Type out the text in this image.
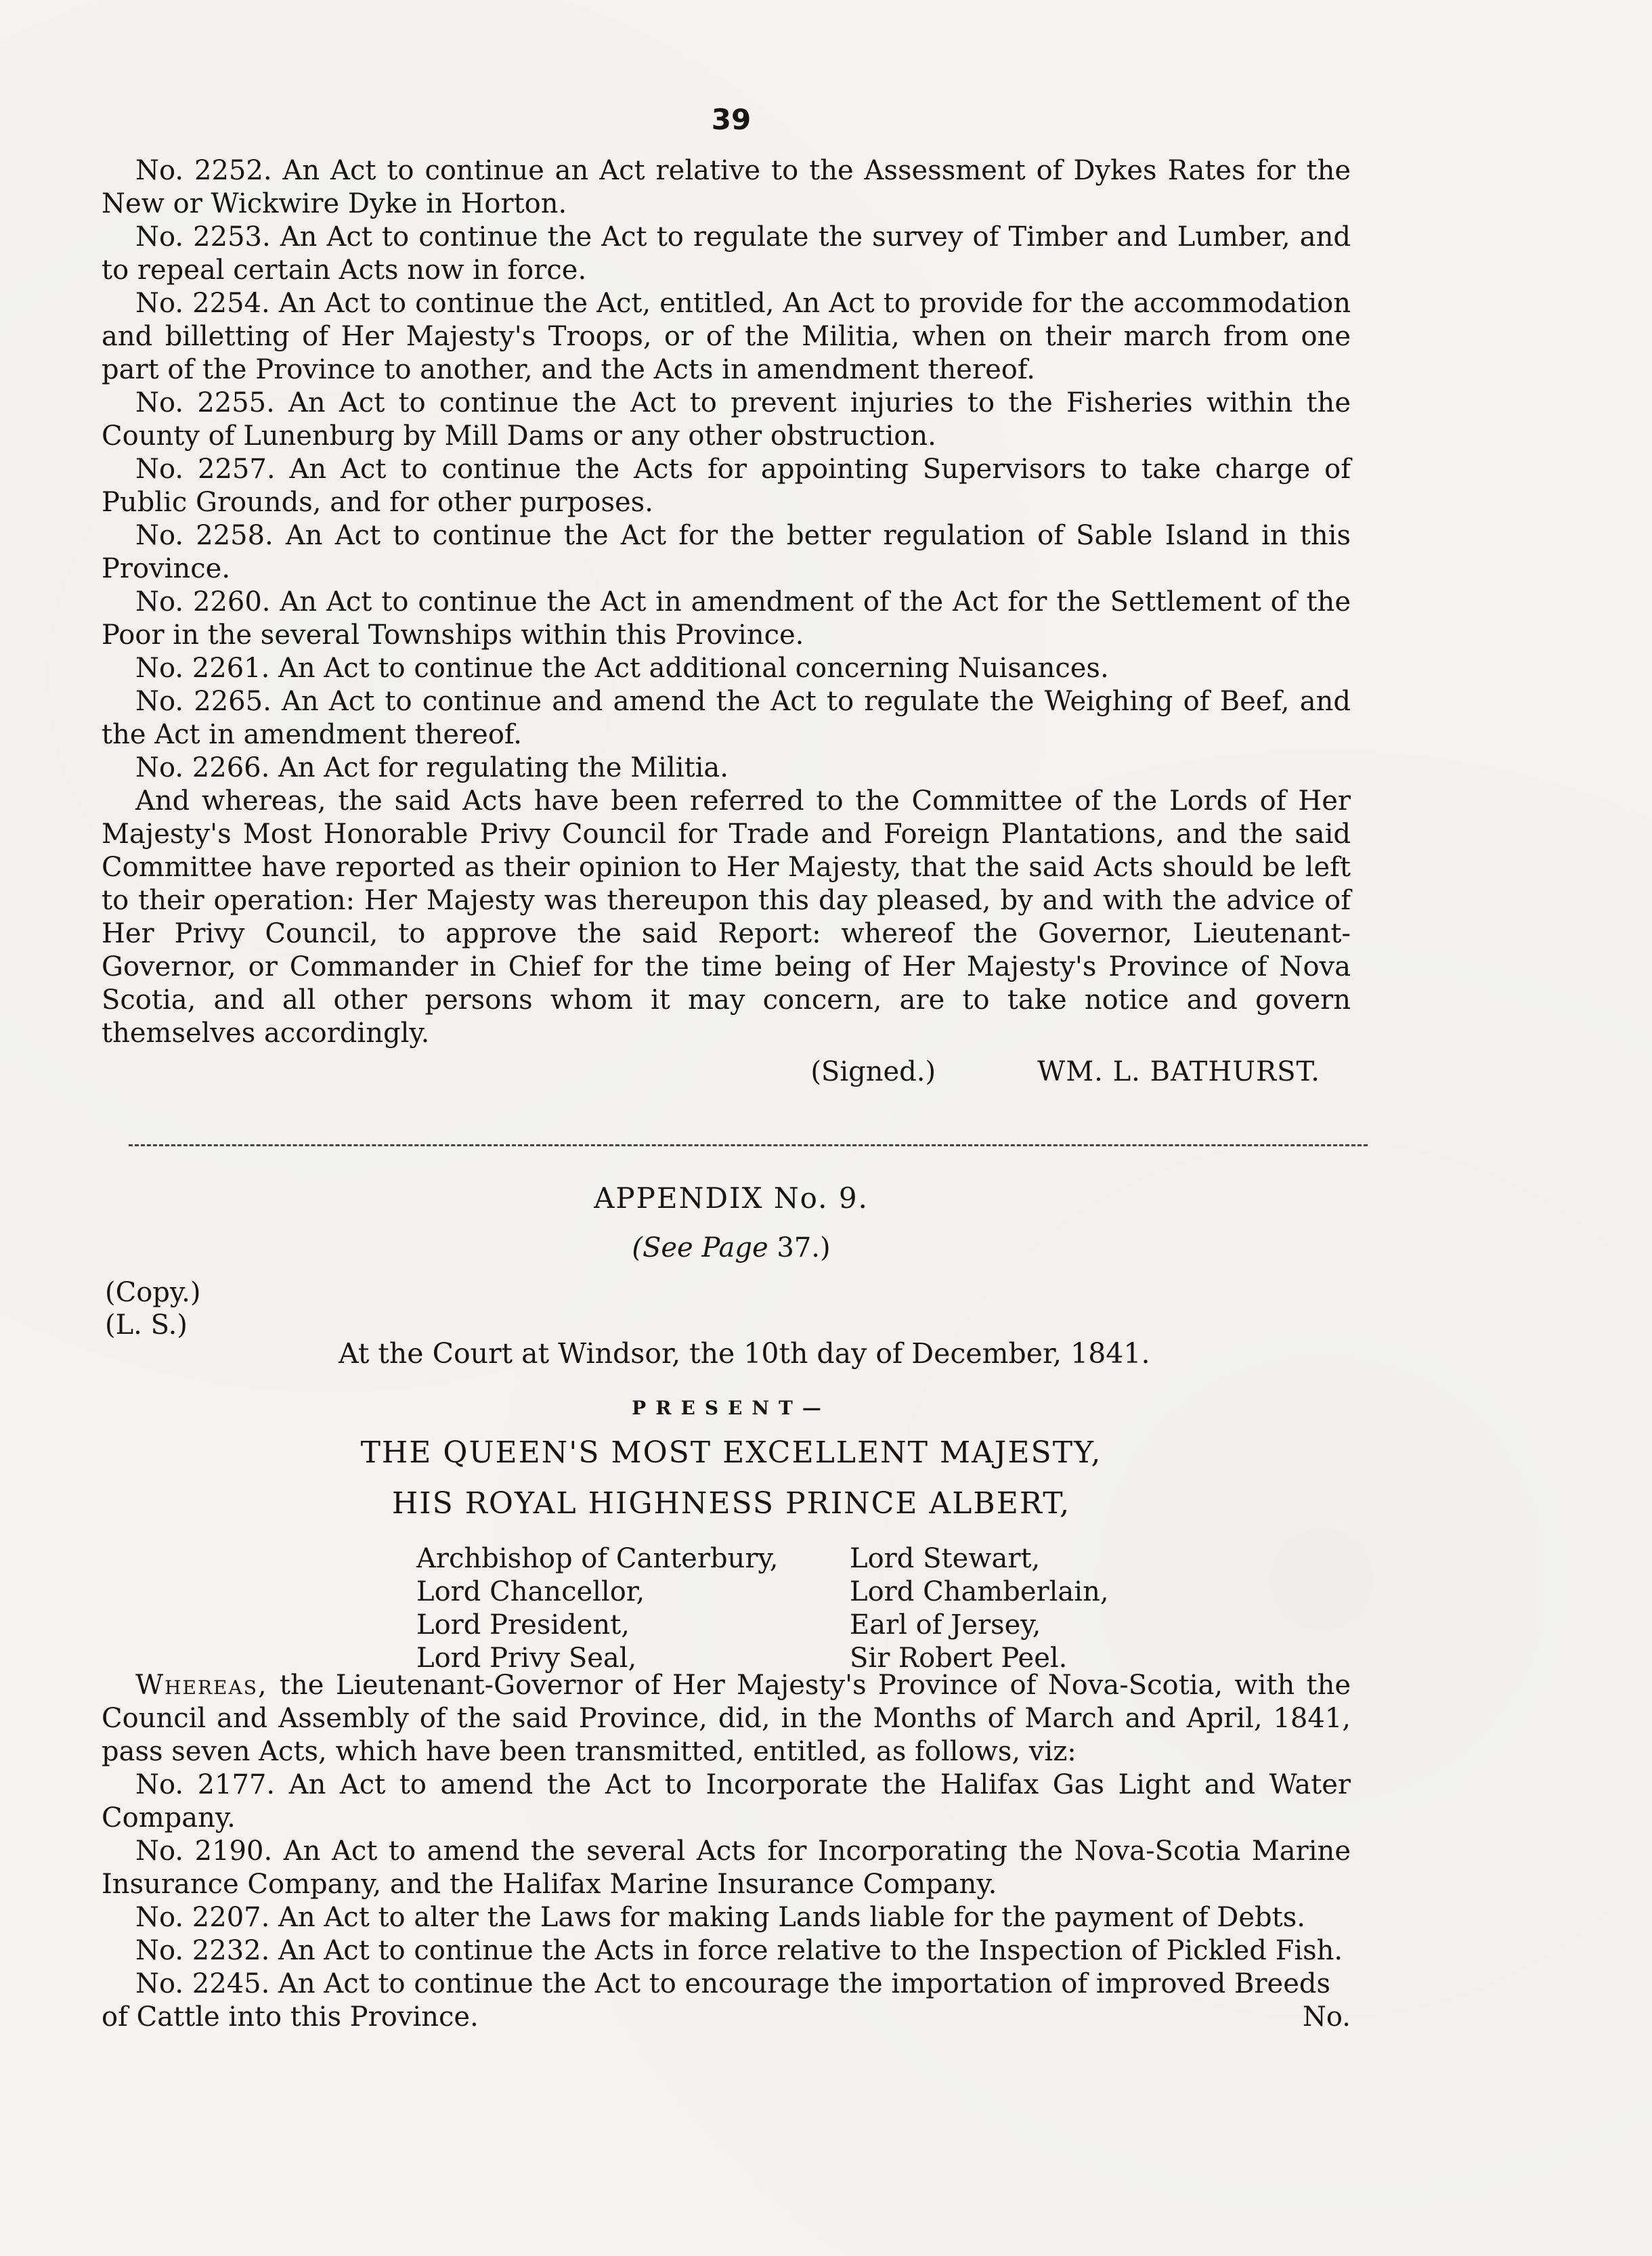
39

No. 2252. An Act to continue an Act relative to the Assessment of Dykes Rates for the New or Wickwire Dyke in Horton.

No. 2253. An Act to continue the Act to regulate the survey of Timber and Lumber, and to repeal certain Acts now in force.

No. 2254. An Act to continue the Act, entitled, An Act to provide for the accommodation and billetting of Her Majesty's Troops, or of the Militia, when on their march from one part of the Province to another, and the Acts in amendment thereof.

No. 2255. An Act to continue the Act to prevent injuries to the Fisheries within the County of Lunenburg by Mill Dams or any other obstruction.

No. 2257. An Act to continue the Acts for appointing Supervisors to take charge of Public Grounds, and for other purposes.

No. 2258. An Act to continue the Act for the better regulation of Sable Island in this Province.

No. 2260. An Act to continue the Act in amendment of the Act for the Settlement of the Poor in the several Townships within this Province.

No. 2261. An Act to continue the Act additional concerning Nuisances.

No. 2265. An Act to continue and amend the Act to regulate the Weighing of Beef, and the Act in amendment thereof.

No. 2266. An Act for regulating the Militia.

And whereas, the said Acts have been referred to the Committee of the Lords of Her Majesty's Most Honorable Privy Council for Trade and Foreign Plantations, and the said Committee have reported as their opinion to Her Majesty, that the said Acts should be left to their operation: Her Majesty was thereupon this day pleased, by and with the advice of Her Privy Council, to approve the said Report: whereof the Governor, Lieutenant-Governor, or Commander in Chief for the time being of Her Majesty's Province of Nova Scotia, and all other persons whom it may concern, are to take notice and govern themselves accordingly.

(Signed.)	WM. L. BATHURST.
APPENDIX No. 9.
(See Page 37.)
(Copy.)
(L. S.)
At the Court at Windsor, the 10th day of December, 1841.
PRESENT—
THE QUEEN'S MOST EXCELLENT MAJESTY,
HIS ROYAL HIGHNESS PRINCE ALBERT,
Archbishop of Canterbury,	Lord Stewart,
Lord Chancellor,	Lord Chamberlain,
Lord President,	Earl of Jersey,
Lord Privy Seal,	Sir Robert Peel.

Whereas, the Lieutenant-Governor of Her Majesty's Province of Nova-Scotia, with the Council and Assembly of the said Province, did, in the Months of March and April, 1841, pass seven Acts, which have been transmitted, entitled, as follows, viz:

No. 2177. An Act to amend the Act to Incorporate the Halifax Gas Light and Water Company.

No. 2190. An Act to amend the several Acts for Incorporating the Nova-Scotia Marine Insurance Company, and the Halifax Marine Insurance Company.

No. 2207. An Act to alter the Laws for making Lands liable for the payment of Debts.

No. 2232. An Act to continue the Acts in force relative to the Inspection of Pickled Fish.

No. 2245. An Act to continue the Act to encourage the importation of improved Breeds

of Cattle into this Province.	No.
